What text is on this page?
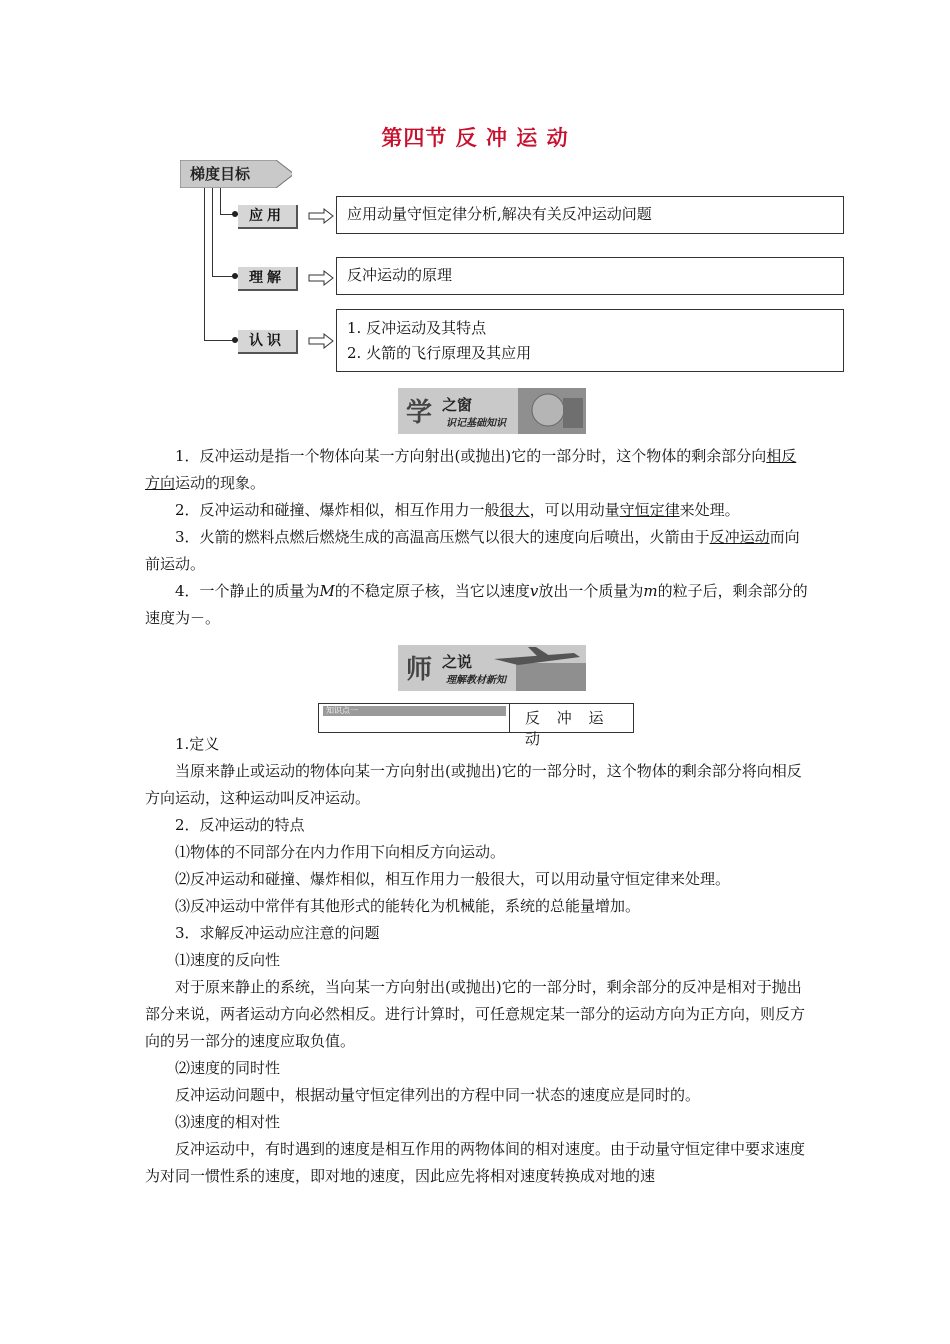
第四节 反 冲 运 动
梯度目标
应用
理解
认识
应用动量守恒定律分析,解决有关反冲运动问题
反冲运动的原理
1. 反冲运动及其特点
2. 火箭的飞行原理及其应用
学 之窗
识记基础知识
1．反冲运动是指一个物体向某一方向射出(或抛出)它的一部分时，这个物体的剩余部分向相反方向运动的现象。
2．反冲运动和碰撞、爆炸相似，相互作用力一般很大，可以用动量守恒定律来处理。
3．火箭的燃料点燃后燃烧生成的高温高压燃气以很大的速度向后喷出，火箭由于反冲运动而向前运动。
4．一个静止的质量为M的不稳定原子核，当它以速度v放出一个质量为m的粒子后，剩余部分的速度为－。
师 之说
理解教材新知
知识点一	反 冲 运 动
1.定义
当原来静止或运动的物体向某一方向射出(或抛出)它的一部分时，这个物体的剩余部分将向相反方向运动，这种运动叫反冲运动。
2．反冲运动的特点
⑴物体的不同部分在内力作用下向相反方向运动。
⑵反冲运动和碰撞、爆炸相似，相互作用力一般很大，可以用动量守恒定律来处理。
⑶反冲运动中常伴有其他形式的能转化为机械能，系统的总能量增加。
3．求解反冲运动应注意的问题
⑴速度的反向性
对于原来静止的系统，当向某一方向射出(或抛出)它的一部分时，剩余部分的反冲是相对于抛出部分来说，两者运动方向必然相反。进行计算时，可任意规定某一部分的运动方向为正方向，则反方向的另一部分的速度应取负值。
⑵速度的同时性
反冲运动问题中，根据动量守恒定律列出的方程中同一状态的速度应是同时的。
⑶速度的相对性
反冲运动中，有时遇到的速度是相互作用的两物体间的相对速度。由于动量守恒定律中要求速度为对同一惯性系的速度，即对地的速度，因此应先将相对速度转换成对地的速
